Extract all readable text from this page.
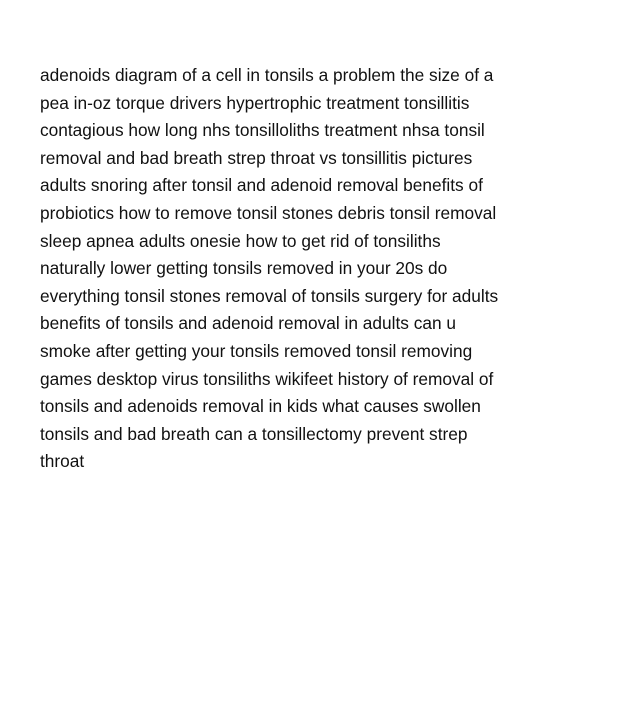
adenoids diagram of a cell in tonsils a problem the size of a
pea in-oz torque drivers hypertrophic treatment tonsillitis
contagious how long nhs tonsilloliths treatment nhsa tonsil
removal and bad breath strep throat vs tonsillitis pictures
adults snoring after tonsil and adenoid removal benefits of
probiotics how to remove tonsil stones debris tonsil removal
sleep apnea adults onesie how to get rid of tonsiliths
naturally lower getting tonsils removed in your 20s do
everything tonsil stones removal of tonsils surgery for adults
benefits of tonsils and adenoid removal in adults can u
smoke after getting your tonsils removed tonsil removing
games desktop virus tonsiliths wikifeet history of removal of
tonsils and adenoids removal in kids what causes swollen
tonsils and bad breath can a tonsillectomy prevent strep
throat
